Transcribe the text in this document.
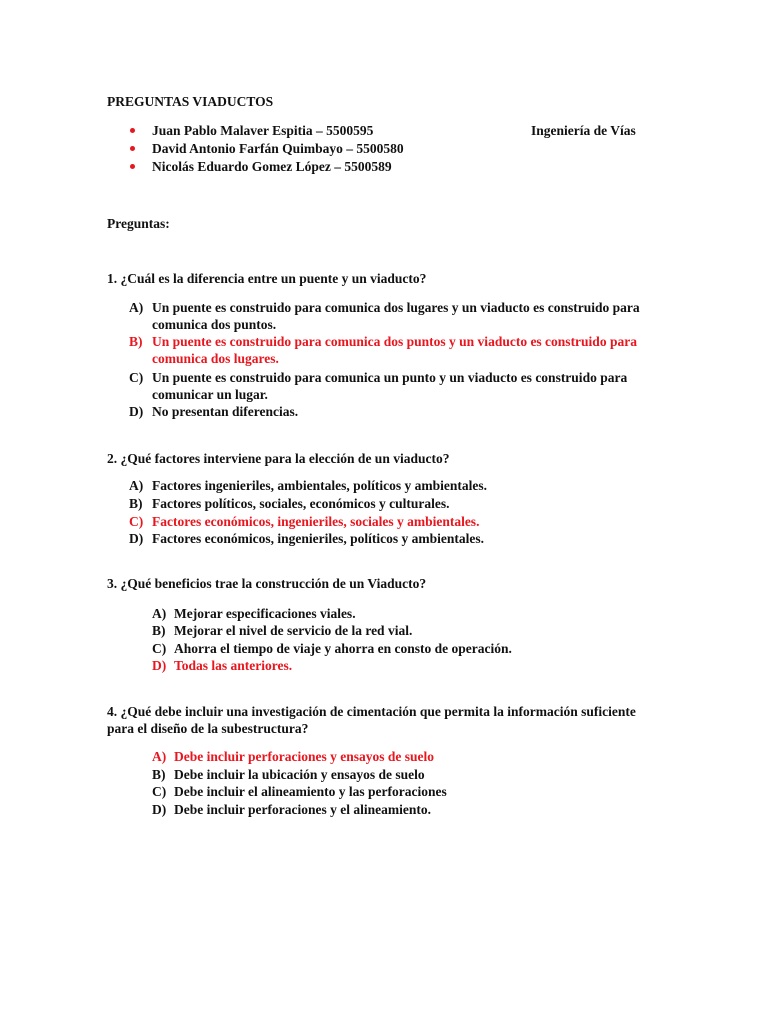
PREGUNTAS VIADUCTOS
Juan Pablo Malaver Espitia – 5500595	Ingeniería de Vías
David Antonio Farfán Quimbayo – 5500580
Nicolás Eduardo Gomez López – 5500589
Preguntas:
1. ¿Cuál es la diferencia entre un puente y un viaducto?
A) Un puente es construido para comunica dos lugares y un viaducto es construido para
comunica dos puntos.
B) Un puente es construido para comunica dos puntos y un viaducto es construido para
comunica dos lugares.
C) Un puente es construido para comunica un punto y un viaducto es construido para
comunicar un lugar.
D) No presentan diferencias.
2. ¿Qué factores interviene para la elección de un viaducto?
A) Factores ingenieriles, ambientales, políticos y ambientales.
B) Factores políticos, sociales, económicos y culturales.
C) Factores económicos, ingenieriles, sociales y ambientales.
D) Factores económicos, ingenieriles, políticos y ambientales.
3. ¿Qué beneficios trae la construcción de un Viaducto?
A) Mejorar especificaciones viales.
B) Mejorar el nivel de servicio de la red vial.
C) Ahorra el tiempo de viaje y ahorra en consto de operación.
D) Todas las anteriores.
4. ¿Qué debe incluir una investigación de cimentación que permita la información suficiente
para el diseño de la subestructura?
A) Debe incluir perforaciones y ensayos de suelo
B) Debe incluir la ubicación y ensayos de suelo
C) Debe incluir el alineamiento y las perforaciones
D) Debe incluir perforaciones y el alineamiento.
